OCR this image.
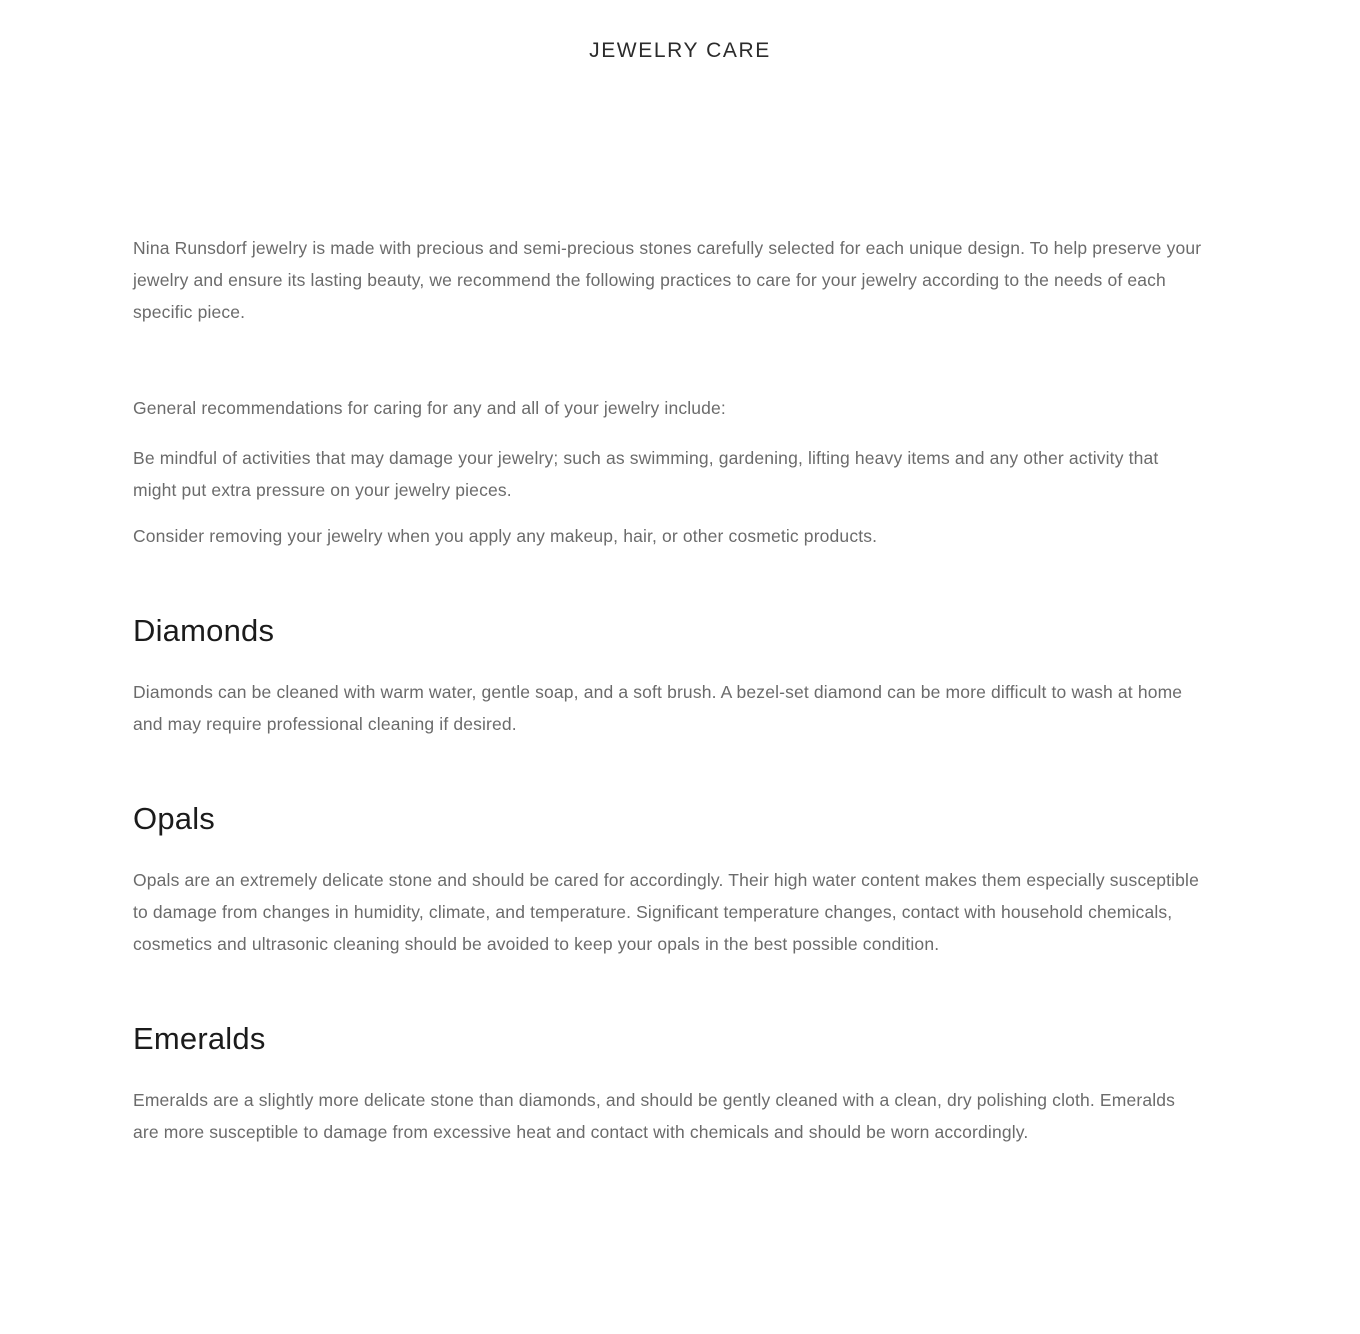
JEWELRY CARE

Nina Runsdorf jewelry is made with precious and semi-precious stones carefully selected for each unique design. To help preserve your jewelry and ensure its lasting beauty, we recommend the following practices to care for your jewelry according to the needs of each specific piece.

General recommendations for caring for any and all of your jewelry include:

Be mindful of activities that may damage your jewelry; such as swimming, gardening, lifting heavy items and any other activity that might put extra pressure on your jewelry pieces.

Consider removing your jewelry when you apply any makeup, hair, or other cosmetic products.

Diamonds

Diamonds can be cleaned with warm water, gentle soap, and a soft brush. A bezel-set diamond can be more difficult to wash at home and may require professional cleaning if desired.

Opals

Opals are an extremely delicate stone and should be cared for accordingly. Their high water content makes them especially susceptible to damage from changes in humidity, climate, and temperature. Significant temperature changes, contact with household chemicals, cosmetics and ultrasonic cleaning should be avoided to keep your opals in the best possible condition.

Emeralds

Emeralds are a slightly more delicate stone than diamonds, and should be gently cleaned with a clean, dry polishing cloth. Emeralds are more susceptible to damage from excessive heat and contact with chemicals and should be worn accordingly.
